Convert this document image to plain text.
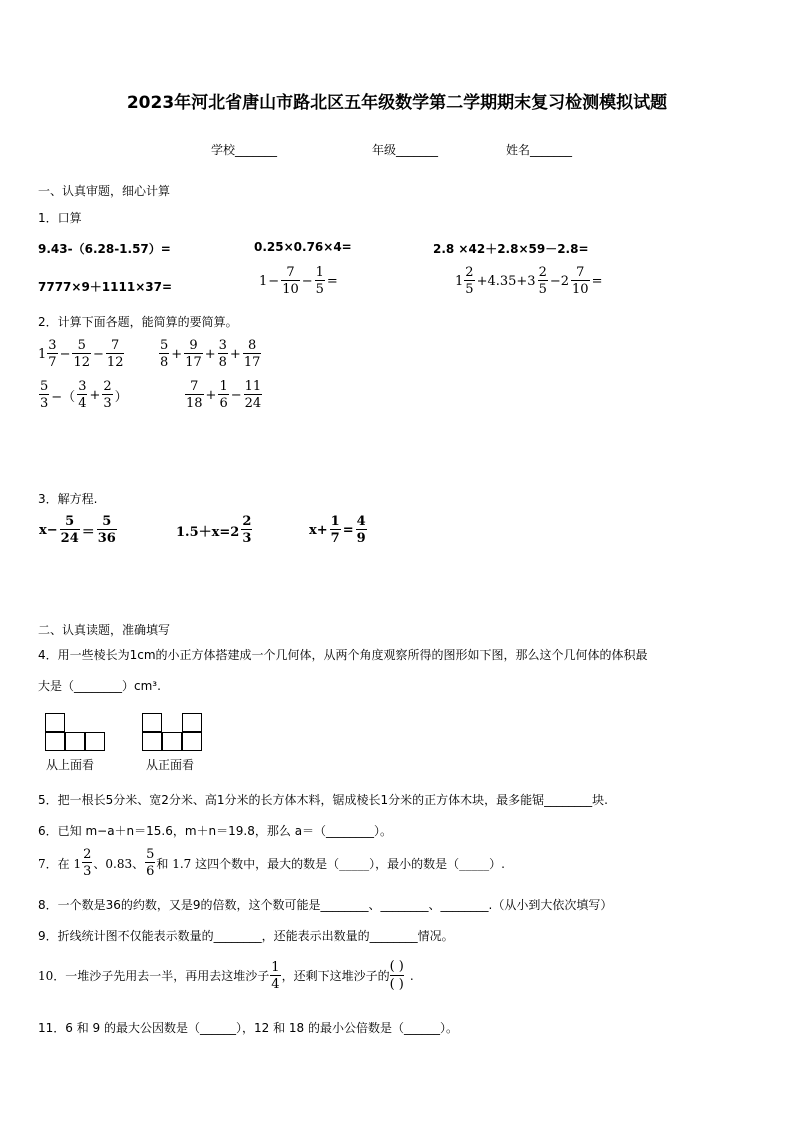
2023年河北省唐山市路北区五年级数学第二学期期末复习检测模拟试题
学校_______	年级_______	姓名_______
一、认真审题，细心计算
1．口算
9.43-（6.28-1.57）=	0.25×0.76×4=	2.8 ×42＋2.8×59－2.8=
7777×9＋1111×37=	$1 - \frac{7}{10} - \frac{1}{5}$ =	$1 \frac{2}{5} +4.35+3 \frac{2}{5} -2 \frac{7}{10}$ =
2．计算下面各题，能简算的要简算。
$1 \frac{3}{7} - \frac{5}{12} - \frac{7}{12}$	$\frac{5}{8} + \frac{9}{17} + \frac{3}{8} + \frac{8}{17}$
$\frac{5}{3}$ −（ $\frac{3}{4} + \frac{2}{3}$ ）	$\frac{7}{18} + \frac{1}{6} - \frac{11}{24}$
3．解方程.
$x- \frac{5}{24} = \frac{5}{36}$	$1.5+x=2 \frac{2}{3}$	$x+ \frac{1}{7} = \frac{4}{9}$
二、认真读题，准确填写
4．用一些棱长为1cm的小正方体搭建成一个几何体，从两个角度观察所得的图形如下图，那么这个几何体的体积最
大是（________）cm³.
从上面看	从正面看
5．把一根长5分米、宽2分米、高1分米的长方体木料，锯成棱长1分米的正方体木块，最多能锯________块.
6．已知 m−a＋n＝15.6，m＋n＝19.8，那么 a＝（________）。
7．在 $1 \frac{2}{3}$ 、0.83、 $\frac{5}{6}$ 和 1.7 这四个数中，最大的数是（_____），最小的数是（_____）.
8．一个数是36的约数，又是9的倍数，这个数可能是________、________、________.（从小到大依次填写）
9．折线统计图不仅能表示数量的________，还能表示出数量的________情况。
10．一堆沙子先用去一半，再用去这堆沙子 $\frac{1}{4}$ ，还剩下这堆沙子的 $\frac{( )}{( )}$ .
11．6 和 9 的最大公因数是（______），12 和 18 的最小公倍数是（______）。
